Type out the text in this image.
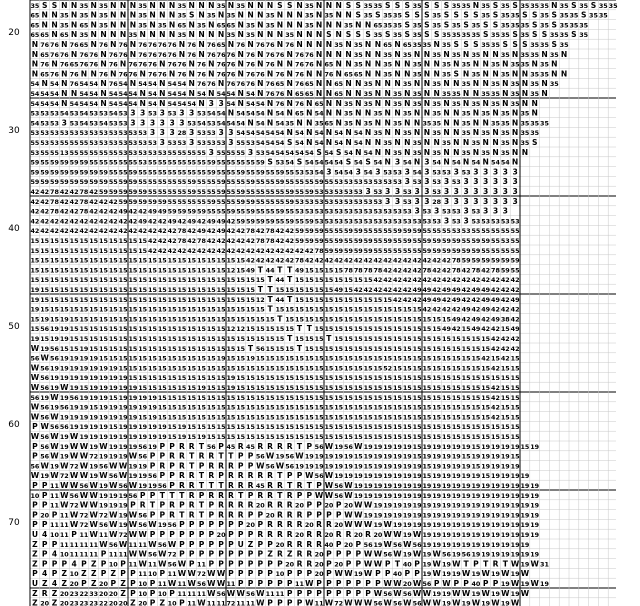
20
30
40
50
60
70
35 S S N N 35 N 35 N N N 35 N N N 35 N N N 35 N 35 N N N S S N 35 N N N S S 35 35 S S S 35 S S S 35 35 N 35 S 35 S 35 35 35 N 35 S 35 S 35 35
65 N N 35 N 35 N 35 N N N 35 N N N 35 S N 35 N 35 N N N 35 N N N 35 N 35 N N S 35 S 35 35 S S S 35 S S S S 35 S 35 35 S S 35 S 35 35 S 35 35
65 N N 35 N 65 N 35 N N N 35 N 35 N 65 N 35 N 65 65 N 35 N 35 N N N 35 N N N 35 N N 65 35 35 S 35 S 35 S 35 S 35 S S 35 35 35 S 35 S 35 35 35
65 65 N 65 N 35 N N N N 35 N N N N 35 N N N N 35 N 35 N N N 35 N N N S N S S S 35 S 35 S 35 S S 35 35 35 35 S 35 35 S 35 S S 35 35 S 35
N 76 76 N 76 65 N 76 N 76 N 76 76 76 76 N 76 N 76 65 N 76 N 76 76 N 76 N N N N 35 N 35 N N 65 N 65 35 35 N 35 S S S 35 35 S S S 35 35 S 35
N 65 76 76 N 76 76 N 76 76 N 76 76 76 76 N 76 N 76 76 76 N 76 N 76 76 N 76 76 N N N N 35 N N 35 N 35 N N 35 N 35 N 35 N N 35 N 35 35 N 35 N
N 76 N 76 65 76 76 N 76 N 76 76 76 N 76 76 N 76 N 76 76 N 76 N 76 N N 76 76 N 65 N N 35 N N 35 N N 35 N N 35 N 35 N N 35 N 35 35 N 35 N
N 65 76 N 76 N N 76 N 76 76 N 76 76 N 76 N 76 N 76 76 N 76 76 N 76 N 76 N N 76 N 65 65 N N 35 N N 35 N N 35 S N 35 N N 35 N N 35 35 N N
54 N 54 N 76 54 54 N 76 54 N 54 54 N 54 54 N 76 76 N 76 76 76 N 76 65 N 76 65 N N 65 N N 35 N N N 35 N N 35 N N 35 N N 35 N 35 N 35 N 35
54 54 54 N N 54 54 N 54 54 54 N 54 N 54 54 N 54 N 54 54 N 54 N 76 76 N 65 65 N N 65 N N 35 N N 35 N 35 N N 35 35 N N 35 35 N 35 N 35 N
54 54 54 N 54 54 54 N 54 54 54 N 54 N 54 54 54 N 3 3 54 N 54 54 N 76 N 76 N 65 N N 35 N 35 N N 35 N 35 N 35 N 35 N 35 N 35 N 35 N N
53 53 53 54 53 54 53 53 54 53 3 3 53 3 53 3 3 53 54 54 N 54 54 54 N 54 N 65 N 54 N N 35 N N 35 N N 35 N N 35 N N 35 N 35 N 35 N 35 N
54 53 53 3 53 54 53 54 53 53 3 3 3 3 3 3 53 54 53 54 54 54 N 54 N 54 35 N N 35 65 N 35 N 35 N N 35 N N 35 35 N N 35 N N 35 35 N 35 35 35
53 53 53 53 53 53 53 53 53 53 53 53 3 3 3 28 3 53 53 3 3 54 54 54 54 54 N 54 N 54 N 54 N 54 N 35 N N 35 N N 35 N N 35 N 35 N 35 N 35 35
55 53 53 55 55 55 53 53 53 53 53 53 53 3 53 53 3 53 53 53 3 55 53 54 54 54 S 54 N 54 N 54 N 54 N N 35 N N 35 N N 35 N N 35 N N 35 N 35 S
53 55 55 13 55 55 55 55 55 53 53 53 53 53 55 55 55 55 3 55 55 55 3 53 54 54 54 54 54 S 54 S 54 N 54 N N 35 N 35 N 35 N N 35 N 35 N 35 N N
59 55 59 59 59 59 55 55 55 55 55 53 55 55 55 55 55 55 59 55 55 55 55 59 S 53 54 S 54 54 54 54 S 54 S 54 N 3 54 N 3 54 N 54 N 54 N 54 54 N
59 59 59 59 59 59 59 59 55 55 59 55 55 55 55 55 55 55 59 55 55 59 55 59 55 59 55 53 53 54 3 54 54 3 54 3 53 53 3 54 3 53 53 3 53 3 3 3 3 3
59 59 59 59 59 59 59 59 55 59 59 55 55 55 55 55 59 55 55 59 55 55 59 55 55 59 55 55 55 59 55 53 53 53 53 53 53 53 3 53 3 53 3 53 3 3 3 3 3 3
42 42 78 42 42 78 42 59 59 59 59 59 55 55 55 55 59 55 55 59 55 59 55 55 55 55 59 55 59 53 53 53 53 53 3 53 3 3 53 3 3 53 3 3 3 3 3 3 3 3
42 42 78 42 42 78 42 42 42 59 59 59 59 59 55 55 55 55 59 55 55 59 59 55 55 55 59 53 53 53 53 53 53 53 53 53 3 3 53 3 3 28 3 3 3 3 3 3 3 3
42 42 78 42 42 78 42 42 42 49 42 42 49 49 59 59 59 59 55 55 59 55 59 55 55 59 55 53 53 53 53 53 53 53 53 53 53 53 53 3 53 3 53 53 3 53 3 3 3
42 42 42 42 42 42 42 42 42 42 42 49 42 42 49 42 49 42 49 49 42 59 59 59 59 55 59 55 59 53 53 53 53 53 53 53 53 53 53 53 53 53 3 53 3 53 53 53 53 53
42 42 42 42 42 42 42 42 42 42 42 42 42 42 42 78 42 49 42 49 42 42 78 42 78 42 42 59 59 59 55 55 59 59 55 55 55 59 59 59 55 55 55 53 53 55 55 55 55 55
15 15 15 15 15 15 15 15 15 15 15 15 42 42 42 78 42 78 42 42 42 42 42 78 78 42 42 59 59 59 55 59 55 59 59 55 59 55 59 55 59 59 59 59 55 59 59 55 53 55
15 15 15 15 15 15 15 15 15 15 15 15 42 42 42 42 42 42 42 42 42 42 42 42 42 42 42 42 42 78 59 59 59 59 59 55 55 55 55 55 59 59 59 59 59 59 55 55 55 55
15 15 15 15 15 15 15 15 15 15 15 15 15 15 15 15 15 15 15 15 15 15 42 42 42 42 42 78 42 42 42 42 42 42 42 42 42 42 42 42 42 42 42 78 59 59 59 59 59 59
15 15 15 15 15 15 15 15 15 15 15 15 15 15 15 15 15 15 15 15 12 15 49 T 44 T T 49 15 15 15 15 78 78 78 78 42 42 42 42 78 42 42 78 42 78 42 78 59 55
15 15 15 15 15 15 15 15 15 15 15 15 15 15 15 15 15 15 15 15 15 15 15 15 T 44 T 15 15 15 15 15 15 15 15 42 42 42 42 42 42 42 42 42 42 42 42 42 42 42
19 15 15 15 15 15 15 15 15 15 15 15 15 15 15 15 15 15 15 15 15 15 15 T T 15 15 15 15 15 15 49 15 42 42 42 42 42 42 49 49 42 49 49 42 49 49 42 42 42
19 15 15 15 15 15 15 15 15 15 15 15 15 15 15 15 15 15 15 15 15 15 15 12 T 44 T 15 15 15 15 15 15 15 15 15 15 42 42 42 49 49 42 49 42 42 49 49 42 49
19 15 15 15 15 15 15 15 15 15 15 15 15 15 15 15 15 15 15 15 15 15 15 15 T 15 15 15 15 15 15 15 15 15 15 15 15 15 15 15 42 42 42 42 49 42 49 42 42 42
15 19 15 19 15 15 15 15 15 15 15 15 15 15 15 15 15 15 15 15 15 15 15 15 15 T 15 15 15 15 15 15 15 15 15 15 15 15 15 15 15 15 15 49 42 49 42 49 38 42
15 56 19 19 15 15 15 15 15 15 15 15 15 15 15 15 15 15 15 15 12 12 15 15 15 15 15 T T 15 15 15 15 15 15 15 15 15 15 15 15 15 49 42 15 49 42 42 15 49
19 15 19 19 15 15 15 15 15 15 15 15 15 15 15 15 15 15 15 15 15 15 15 15 15 15 T 15 15 15 T 15 15 15 15 15 15 15 15 15 15 15 15 15 15 15 15 42 42 42
W 19 56 15 15 19 15 15 15 15 15 15 15 15 15 15 15 15 15 15 15 15 T 56 15 15 15 T 15 15 15 15 15 15 15 15 15 15 15 15 15 15 15 15 15 15 15 42 42 42
56 W 56 19 19 19 19 15 15 15 15 15 15 15 15 15 15 15 15 19 15 15 19 15 15 15 15 15 15 15 15 15 15 15 15 15 15 15 15 15 15 15 15 15 15 15 42 15 42 15
W 56 19 19 19 19 19 19 19 15 15 15 15 15 15 15 15 15 15 15 15 15 15 15 15 15 15 15 15 15 15 15 15 15 15 15 52 15 15 15 15 15 15 15 15 15 15 42 15 15
W 56 19 19 19 19 19 19 19 19 15 15 15 15 15 15 15 15 15 15 19 15 15 15 15 15 15 15 15 15 15 15 15 15 15 15 15 15 15 15 15 15 15 15 15 15 15 15 15 15
W 56 19 W 19 15 19 19 19 19 19 15 15 15 15 15 15 19 15 15 19 15 15 15 15 15 15 15 15 15 15 15 15 15 15 15 15 15 15 15 15 15 15 15 15 15 15 42 15 15
56 19 W 19 56 19 19 19 15 19 19 19 19 15 15 15 15 15 15 15 15 15 15 15 15 15 15 15 15 15 15 15 15 15 15 15 15 15 15 15 15 15 15 15 15 15 15 42 15 15
W 56 19 56 19 19 15 19 19 19 19 19 19 15 15 15 15 15 15 15 15 15 15 15 15 15 15 15 15 15 15 15 15 15 15 15 15 15 15 15 15 15 15 15 15 15 15 42 15 15
W 56 W 19 19 19 19 19 19 19 19 15 19 15 15 15 15 15 15 15 15 15 15 15 15 15 15 15 15 15 15 15 15 15 15 15 15 15 15 15 15 15 15 15 15 15 15 42 15 15
P W 56 56 19 19 19 19 15 19 19 19 19 19 15 19 15 15 15 15 15 15 15 15 15 15 15 15 15 15 15 15 15 15 15 15 15 15 15 15 15 15 15 15 15 15 15 15 15 15
W 56 W 19 W 19 19 19 19 19 19 19 19 19 15 19 15 19 15 15 15 15 15 15 15 15 15 15 15 15 15 15 15 15 15 15 15 15 15 15 15 15 15 15 15 15 15 15 15 15
P 56 W 19 W W 19 W 19 19 19 56 19 P P R R T 56 P 45 R 45 R R R R T P 56 W 19 56 W 19 19 19 19 19 15 19 19 19 19 19 15 19 19 19 19 15 19
P 56 W 19 W W 72 19 19 19 W 56 P P R R T R R T T P P 56 W 19 56 W 19 19 19 19 19 15 19 19 19 19 19 15 19 19 19 19 15 19 19 19 19 15
56 W 19 W 72 W 19 56 W W 19 19 P R P R T P R R R P P W 56 W 56 19 19 19 19 19 19 19 15 19 19 19 19 19 15 19 19 19 19 15 19 19 19 19
W 19 W 72 W W 19 W 56 W 19 19 56 P P R R T R P R R R R R T P P W 56 W 19 19 19 19 19 19 19 19 19 15 19 19 19 19 19 15 19 19 19 19
P P 11 W W 56 W 19 W 56 W 19 19 56 P R R T T T R R R 45 R R T R T P W 56 W 19 19 19 19 19 19 19 19 19 19 19 19 19 19 19 19 19 19 19
10 P 11 W 56 W W 19 19 19 56 P P T T T R P R R R T P R R T R P P W W 56 W 19 19 19 19 19 19 19 19 19 19 19 19 19 19 19 19 19 19 19
P P 11 W 72 W W 19 19 19 P R T P R P R T P R R R R 20 R R R 20 P P 20 P 20 W W 19 19 19 19 19 19 19 19 19 19 19 19 19 19 19 19 19
P 20 P 11 W 72 W 72 W 19 W 56 P P R T R T P R R R P P 20 R R R P P P P W W 19 19 19 19 19 19 19 19 19 19 19 19 19 19 19 19 19 19
P P 11 11 W 72 W 56 W 19 W 56 W 19 56 P P P P P P P 20 P R R R R 20 R R 20 W W W 19 W 19 19 19 19 19 19 19 19 19 19 19 19 19 19 19
U 4 10 11 P 11 W 11 W 72 W W P P P P P P P 20 P P P R R R R 20 R R 20 R R 20 R 20 W W 19 W 19 19 19 19 19 19 19 19 19 19 19 19
Z P P 11 11 11 11 W 56 W 11 11 W 56 W P P P P P P U Z P P 20 R R R R 40 P 20 P 56 19 W 56 W 56 19 19 19 19 19 19 19 19 19 19 19
Z P 4 10 11 11 11 P 11 11 W W 56 W 72 P P P P P P P P P Z R Z R R 20 P P P P W W 56 W 19 W 19 W 56 19 56 19 19 19 19 19 19 19
Z P P P 4 P Z P 10 P 11 W 11 W 56 W P 11 P P P P P P P P 20 R R 20 P 20 P P W W P T 40 P 19 W 19 W T P T R T W 19 W 31
P 4 P Z 10 Z Z P Z P P 11 10 P 11 W W 72 W W P P P P P 10 P P P 20 P W W 19 W P P 40 P P 19 W 19 19 W 19 W 19 W 19 W
U Z 4 Z 20 P Z 20 P Z P 10 P 11 W 11 W 56 W W 11 P P P P P P 11 W P P P P P P P W W 20 W 56 P W P P 40 P P 19 W 19 W 19
Z R Z 20 23 22 33 20 20 Z P 10 P 10 P 11 11 11 W 56 W W 56 W 11 11 P P P P P P P P P W 56 W 56 W W 19 19 W W 19 W 19 W 19 W
Z 20 Z 20 23 23 23 22 20 20 Z 20 P Z 10 P 11 W 11 11 72 11 11 W P P P P W 11 W 72 W W W 56 W 56 W 56 W W 19 W 19 W 19 W 19 W
